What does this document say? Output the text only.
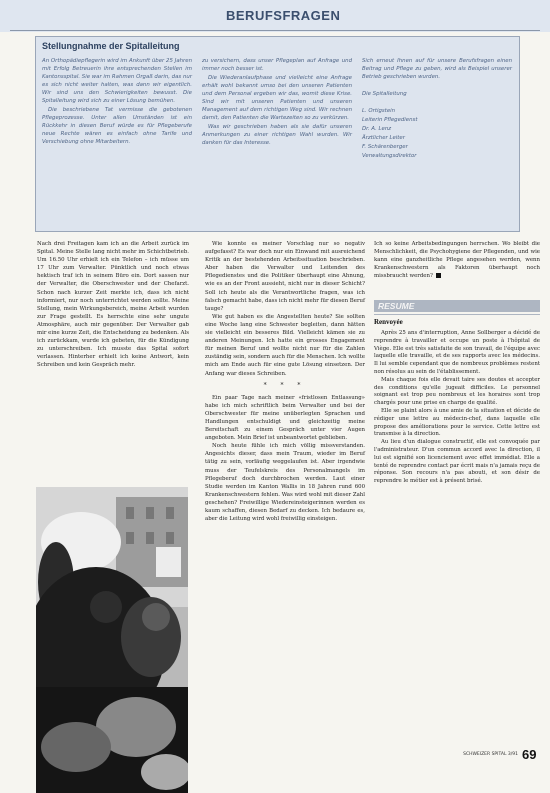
BERUFSFRAGEN
Stellungnahme der Spitalleitung

An Orthopädiepflegerin wird im Ankunft über 25 Jahren mit Erfolg Betreuerin ihre entsprechenden Stellen im Kantonsspital. Sie war im Rahmen Orgaß darin, das nur es sich nicht weiter halten, was dann wir eigentlich. Wir sind uns den Schwierigkeiten bewusst. Die Spitalleitung wird sich zu einer Lösung bemühen.

Die beschriebene Tat vermisse die gebotenen Pflegeprozesse. Unter allen Umständen ist ein Rückkehr in diesen Beruf würde es für Pflegeberufe neue Rechte wären es einfach ohne Tarife und Verschiebung ohne Mitarbeitern.

zu versichern, dass unser Pflegeplan auf Anfrage und immer noch besser ist.

Die Wiederanlaufphase und vielleicht eine Anfrage erhält wohl bekannt umso bei den unseren Patienten und dem Personal ergeben wir das, womit diese Krise. Sind wir mit unseren Patienten und unseren Management auf dem richtigen Weg sind. Wir rechnen damit, den Patienten die Wartezeiten so zu verkürzen.

Was wir geschrieben haben als sie dafür unseren Anmerkungen zu einer richtigen Wahl wurden. Wir danken für das Interesse.

Sich erneut Ihnen auf für unsere Berufsfragen einen Beitrag und Pflege zu geben, wird als Beispiel unserer Betrieb geschrieben wurden.

Die Spitalleitung

L. Ortigstein

Leiterin Pflegedienst

Dr. A. Lenz

Ärztlicher Leiter

F. Schärenberger

Verwaltungsdirektor

Nach drei Freitagen kam ich an die Arbeit zurück im Spital. Meine Stelle lang nicht mehr im Schichtbetrieb. Um 16.50 Uhr erhielt ich ein Telefon – ich müsse um 17 Uhr zum Verwalter. Pünktlich und noch etwas hektisch traf ich in seinem Büro ein. Dort sassen nur der Verwalter, die Oberschwester und der Chefarzt. Schon nach kurzer Zeit merkte ich, dass ich nicht informiert, nur noch unterrichtet werden sollte. Meine Stellung, mein Wirkungsbereich, meine Arbeit wurden zur Frage gestellt. Es herrschte eine sehr ungute Atmosphäre, auch mir gegenüber. Der Verwalter gab mir eine kurze Zeit, die Entscheidung zu bedenken. Als ich zurückkam, wurde ich gebeten, für die Kündigung zu unterschreiben. Ich musste das Spital sofort verlassen. Hinterher erhielt ich keine Antwort, kein Schreiben und kein Gespräch mehr.

Wie konnte es meiner Vorschlag nur so negativ aufgefasst? Es war doch nur ein Einwand mit ausreichend Kritik an der bestehenden Arbeitssituation beschrieben. Aber haben die Verwalter und Leitenden des Pflegedienstes und die Politiker überhaupt eine Ahnung, wie es an der Front aussieht, nicht nur in dieser Schicht? Soll ich heute als die Verantwortliche fragen, was ich falsch gemacht habe, dass ich nicht mehr für diesen Beruf tauge?

Wie gut haben es die Angestellten heute? Sie sollten eine Woche lang eine Schwester begleiten, dann hätten sie vielleicht ein besseres Bild. Vielleicht kämen sie zu anderen Meinungen. Ich hatte ein grosses Engagement für meinen Beruf und wollte nicht nur für die Zahlen zuständig sein, sondern auch für die Menschen. Ich wollte mich am Ende auch für eine gute Lösung einsetzen. Der Anfang war dieses Schreiben.

* * *

Ein paar Tage nach meiner «fristlosen Entlassung» habe ich mich schriftlich beim Verwalter und bei der Oberschwester für meine unüberlegten Sprachen und Handlungen entschuldigt und gleichzeitig meine Bereitschaft zu einem Gespräch unter vier Augen angeboten. Mein Brief ist unbeantwortet geblieben.

Noch heute fühle ich mich völlig missverstanden. Angesichts dieser, dass mein Traum, wieder im Beruf tätig zu sein, vorläufig weggelaufen ist. Aber irgendwie muss der Teufelskreis des Personalmangels im Pflegeberuf doch durchbrochen werden. Laut einer Studie werden im Kanton Wallis in 18 Jahren rund 600 Krankenschwestern fehlen. Was wird wohl mit dieser Zahl geschehen? Freiwillige Wiedereinsteigerinnen werden es kaum schaffen, diesen Bedarf zu decken. Ich bedaure es, aber die Leitung wird wohl freiwillig einsteigen.

Ich so keine Arbeitsbedingungen herrschen. Wo bleibt die Menschlichkeit, die Psychohygiene der Pflegenden, und wie kann eine ganzheitliche Pflege angesehen werden, wenn Krankenschwestern als Faktoren überhaupt noch missbraucht werden?

RESUME
Renvoyée

Après 25 ans d'interruption, Anne Sollberger a décidé de reprendre à travailler et occupe un poste à l'hôpital de Viège. Elle est très satisfaite de son travail, de l'équipe avec laquelle elle travaille, et de ses rapports avec les médecins. Il lui semble cependant que de nombreux problèmes restent non résolus au sein de l'établissement.

Mais chaque fois elle devait taire ses doutes et accepter des conditions qu'elle jugeait difficiles. Le personnel soignant est trop peu nombreux et les horaires sont trop chargés pour une prise en charge de qualité.

Elle se plaint alors à une amie de la situation et décide de rédiger une lettre au médecin-chef, dans laquelle elle propose des améliorations pour le service. Cette lettre est transmise à la direction.

Au lieu d'un dialogue constructif, elle est convoquée par l'administrateur. D'un commun accord avec la direction, il lui est signifié son licenciement avec effet immédiat. Elle a tenté de reprendre contact par écrit mais n'a jamais reçu de réponse. Son recours n'a pas abouti, et son désir de reprendre le métier est à présent brisé.

SCHWEIZER SPITAL 3/91 69
